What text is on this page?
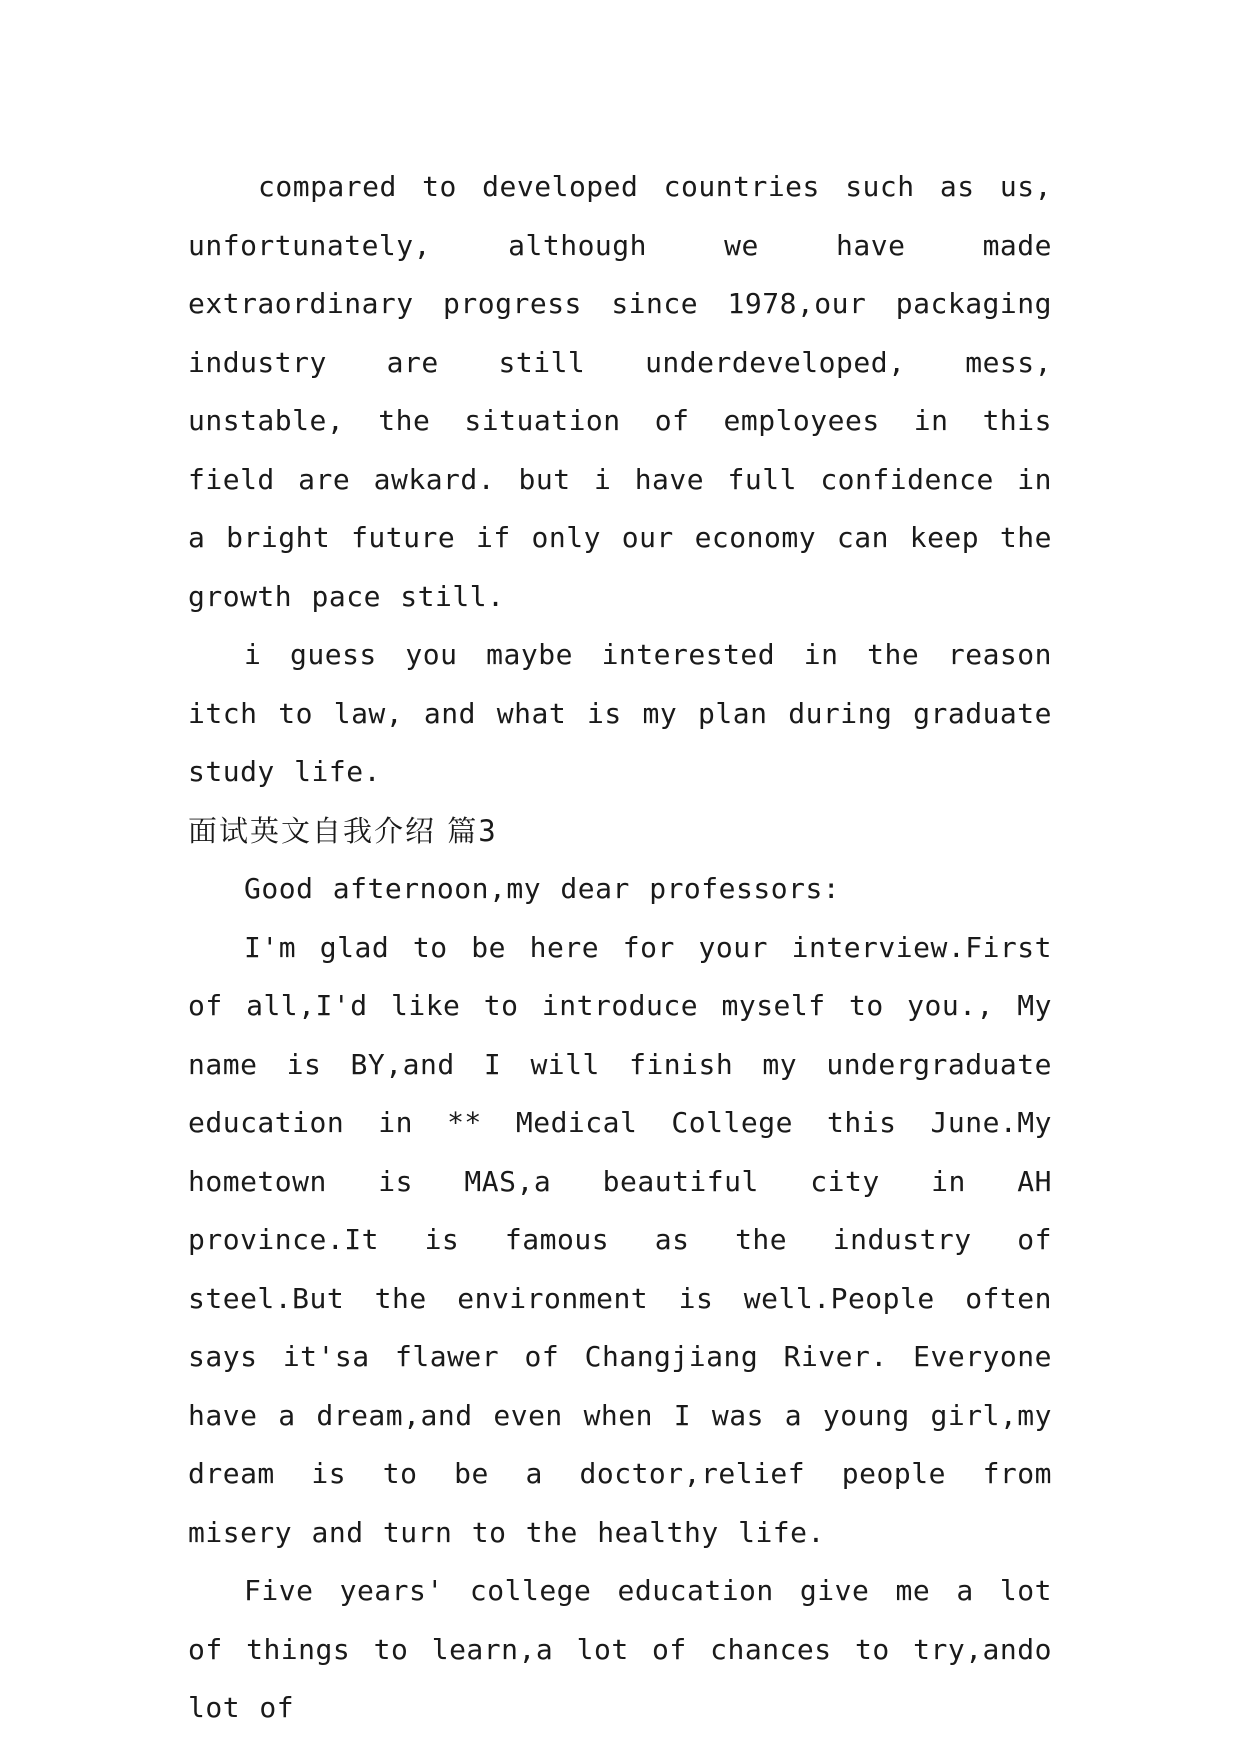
compared to developed countries such as us, unfortunately, although we have made extraordinary progress since 1978,our packaging industry are still underdeveloped, mess, unstable, the situation of employees in this field are awkard. but i have full confidence in a bright future if only our economy can keep the growth pace still.

i guess you maybe interested in the reason itch to law, and what is my plan during graduate study life.

面试英文自我介绍 篇3

Good afternoon,my dear professors:

I'm glad to be here for your interview.First of all,I'd like to introduce myself to you., My name is BY,and I will finish my undergraduate education in ** Medical College this June.My hometown is MAS,a beautiful city in AH province.It is famous as the industry of steel.But the environment is well.People often says it'sa flawer of Changjiang River. Everyone have a dream,and even when I was a young girl,my dream is to be a doctor,relief people from misery and turn to the healthy life.

Five years' college education give me a lot of things to learn,a lot of chances to try,ando lot of
